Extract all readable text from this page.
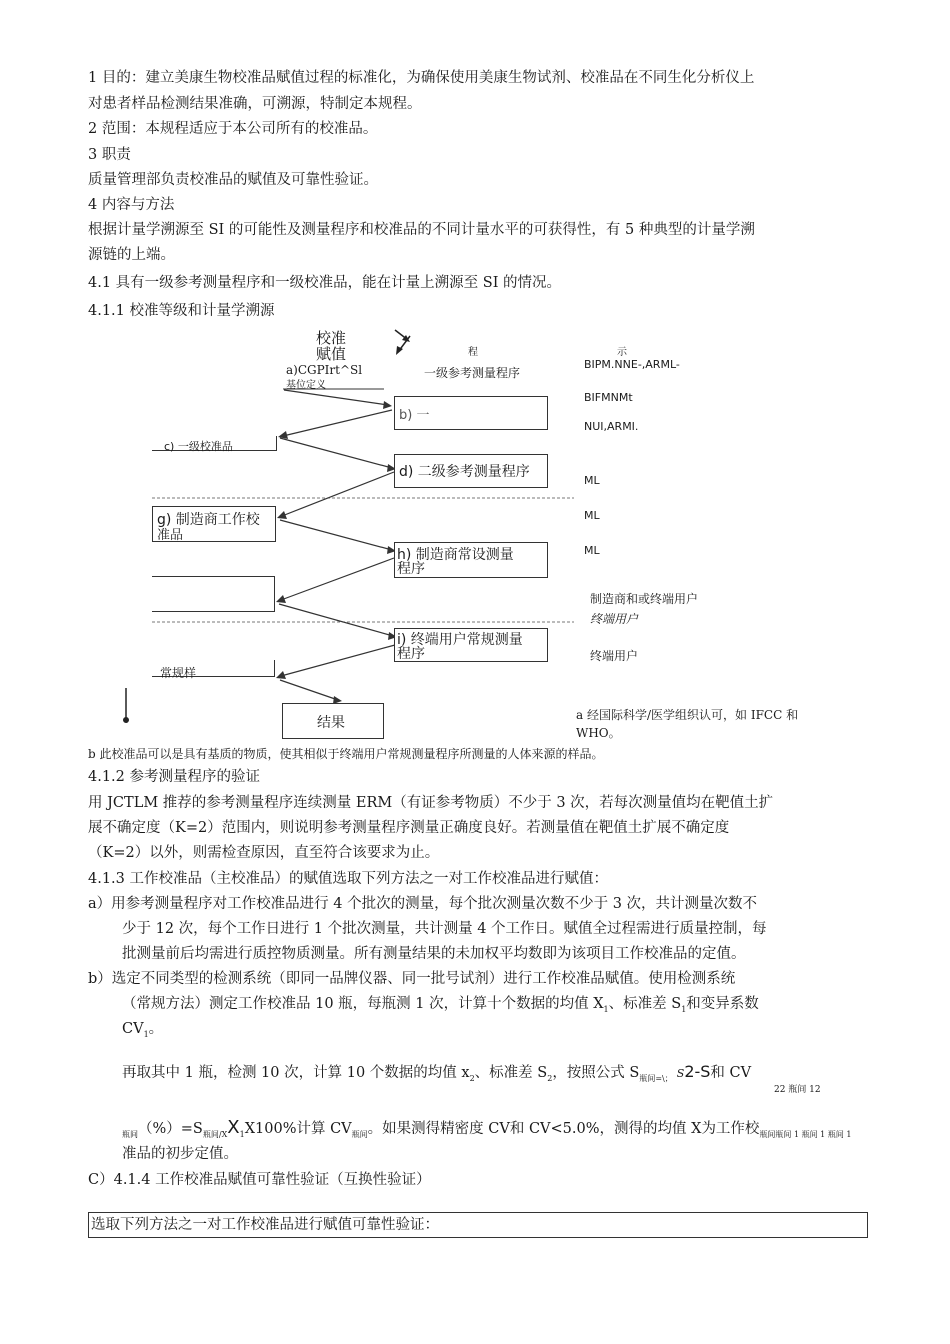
1 目的：建立美康生物校准品赋值过程的标准化，为确保使用美康生物试剂、校准品在不同生化分析仪上
对患者样品检测结果准确，可溯源，特制定本规程。
2 范围：本规程适应于本公司所有的校准品。
3 职责
质量管理部负责校准品的赋值及可靠性验证。
4 内容与方法
根据计量学溯源至 SI 的可能性及测量程序和校准品的不同计量水平的可获得性，有 5 种典型的计量学溯
源链的上端。
4.1 具有一级参考测量程序和一级校准品，能在计量上溯源至 SI 的情况。
4.1.1 校准等级和计量学溯源
校准
赋值	程	示
a)CGPIrt^Sl
基位定义
一级参考测量程序
b) 一
c) 一级校准品
d) 二级参考测量程序
g) 制造商工作校
准品
h) 制造商常设测量
程序
i) 终端用户常规测量
程序
常规样
结果
BIPM.NNE-,ARML-
BIFMNMt
NUI,ARMI.
ML
ML
ML
制造商和或终端用户
终端用户
终端用户
a 经国际科学/医学组织认可，如 IFCC 和
WHO。
b 此校准品可以是具有基质的物质，使其相似于终端用户常规测量程序所测量的人体来源的样品。
4.1.2 参考测量程序的验证
用 JCTLM 推荐的参考测量程序连续测量 ERM（有证参考物质）不少于 3 次，若每次测量值均在靶值土扩
展不确定度（K=2）范围内，则说明参考测量程序测量正确度良好。若测量值在靶值土扩展不确定度
（K=2）以外，则需检查原因，直至符合该要求为止。
4.1.3 工作校准品（主校准品）的赋值选取下列方法之一对工作校准品进行赋值：
a）用参考测量程序对工作校准品进行 4 个批次的测量，每个批次测量次数不少于 3 次，共计测量次数不
少于 12 次，每个工作日进行 1 个批次测量，共计测量 4 个工作日。赋值全过程需进行质量控制，每
批测量前后均需进行质控物质测量。所有测量结果的未加权平均数即为该项目工作校准品的定值。
b）选定不同类型的检测系统（即同一品牌仪器、同一批号试剂）进行工作校准品赋值。使用检测系统
（常规方法）测定工作校准品 10 瓶，每瓶测 1 次，计算十个数据的均值 $X_1$、标准差 $S_1$和变异系数
$CV_1$。
再取其中 1 瓶，检测 10 次，计算 10 个数据的均值 $x_2$、标准差 $S_2$，按照公式 $S_{瓶间=\backslash;}$ S2-S和 CV
22 瓶间 12
$_{瓶间}(\%)=S_{瓶间/X}X_1X100\%$计算 $CV_{瓶间}$。如果测得精密度 CV和 CV<5.0%，测得的均值 X为工作校$_{瓶间瓶间 1 瓶间 1 瓶间 1}$
准品的初步定值。
C）4.1.4 工作校准品赋值可靠性验证（互换性验证）
选取下列方法之一对工作校准品进行赋值可靠性验证：
